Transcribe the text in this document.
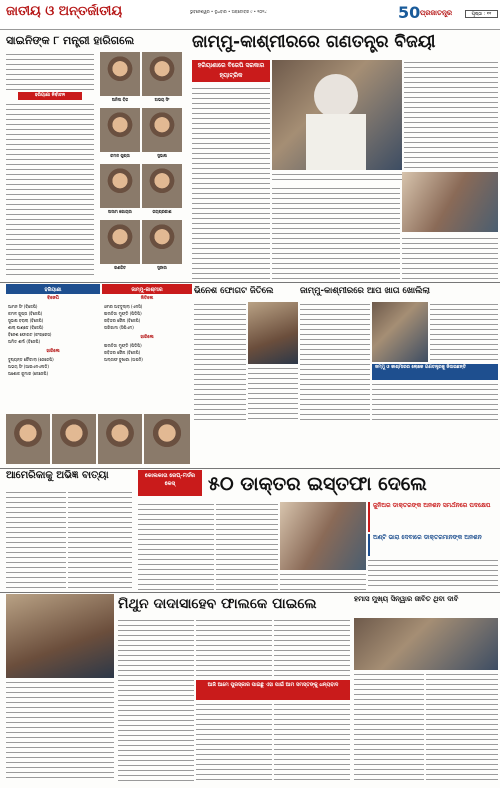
ଜାତୀୟ ଓ ଅନ୍ତର୍ଜାତୀୟ	ଭୁବନେଶ୍ୱର • ବୁଧବାର • ଅକ୍ଟୋବର ୯ • ୨୦୨୪	50 ପ୍ରଜାତନ୍ତ୍ର	ପୃଷ୍ଠା : ୧୧
ସାଇନିଙ୍କ ୮ ମନ୍ତ୍ରୀ ହାରିଗଲେ	ଜାମ୍ମୁ-କାଶ୍ମୀରରେ ଗଣତନ୍ତ୍ର ବିଜୟୀ
ହରିୟାଣା ନିର୍ବାଚନ
ଅନିଲ ବିଜ	ଅଭୟ ସିଂ
କମଳ ଗୁପ୍ତା	ସୁଭାଷ
ଅସୀମ ଗୋୟଲ	ଜୟପ୍ରକାଶ
ରଣଜିତ	ସୁନୀଲ
ହରିୟାଣାରେ ବିଜେପି ସରକାର ହ୍ୟାଟ୍ରିକ
ହରିୟାଣା
ବିଜେପି
ଆମନ ସିଂ (ବିଜେପି)
କମଳ ଗୁପ୍ତା (ବିଜେପି)
ସୁଭାଷ ବରାଲା (ବିଜେପି)
ଶୀଲା ପାଣ୍ଡେ (ବିଜେପି)
ବିନେଶ ଫୋଗଟ (କଂଗ୍ରେସ)
ଅମିତ ଶର୍ମା (ବିଜେପି)
ହାରିଲେ
ଦୁଷ୍ୟନ୍ତ ଚୌଟାଲା (ଜେଜେପି)
ଅଭୟ ସିଂ (ଆଇଏନଏଲଡି)
ଅଶୋକ କୁମାର (ଜେଜେପି)
ଜାମ୍ମୁ-କାଶ୍ମୀର
ଜିତିଲେ
ଓମର ଅବଦୁଲ୍ଲା (ଏନସି)
ଇଲତିଜା ମୁଫ୍ତି (ପିଡିପି)
ରବିନ୍ଦର ରୈନା (ବିଜେପି)
ତାରିଗାମୀ (ସିପିଏମ)
ହାରିଲେ
ଇଲତିଜା ମୁଫ୍ତି (ପିଡିପି)
ରବିନ୍ଦର ରୈନା (ବିଜେପି)
ଅଲ୍ତାଫ ବୁଖାରୀ (ଅପନି)
ଭିନେଶ ଫୋଗଟ ଜିତିଲେ	ଜାମ୍ମୁ-କାଶ୍ମୀରରେ ଆପ ଖାତା ଖୋଲିଲା
ଜମ୍ମୁ ଓ କାଶ୍ମୀରର ଲୋକେ ଗଣତନ୍ତ୍ରକୁ ଜିତାଇଛନ୍ତି
ଆମେରିକାକୁ ଅଭିଜ୍ଞ ବାତ୍ୟା	କୋଲକାତା ରେପ୍-ମର୍ଡର କେସ୍	୫୦ ଡାକ୍ତର ଇସ୍ତଫା ଦେଲେ
ଜୁନିଅର ଡାକ୍ତରଙ୍କ ଅନଶନ ସମର୍ଥନରେ ପଦକ୍ଷେପ
ଅଣ୍ଟି ଭାରା ଦେବାରେ ଡାକ୍ତରମାନଙ୍କ ଅନଶନ
ମିଥୁନ ଦାଦାସାହେବ ଫାଲକେ ପାଇଲେ
ଆଜି ଆମେ ପୁରସ୍କାର ପାଇଛୁ ଏହା ପାଇଁ ଆମ ସମସ୍ତଙ୍କୁ ଧନ୍ୟବାଦ
ହମାସ ମୁଖ୍ୟ ସିନ୍ୱାର ଜୀବିତ ଥିବା ଦାବି
